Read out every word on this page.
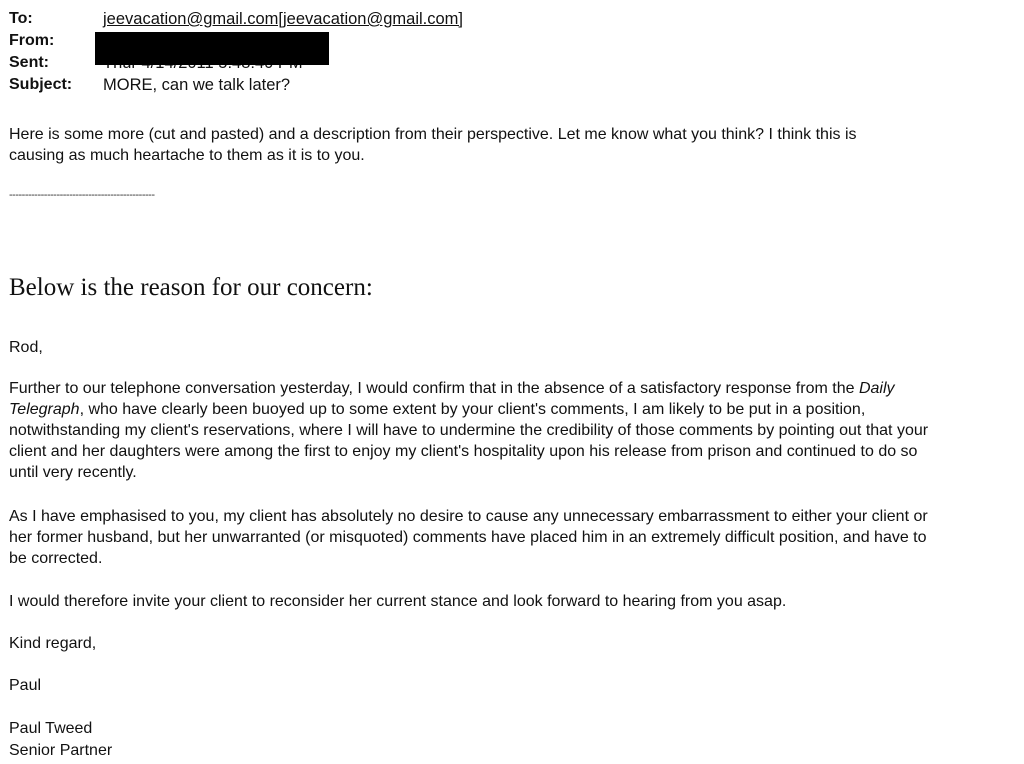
To:	jeevacation@gmail.com[jeevacation@gmail.com]
From:
Sent:
Subject:	MORE, can we talk later?

Here is some more (cut and pasted) and a description from their perspective. Let me know what you think? I think this is causing as much heartache to them as it is to you.

----------------------------------------------
Below is the reason for our concern:

Rod,

Further to our telephone conversation yesterday, I would confirm that in the absence of a satisfactory response from the Daily Telegraph, who have clearly been buoyed up to some extent by your client's comments, I am likely to be put in a position, notwithstanding my client's reservations, where I will have to undermine the credibility of those comments by pointing out that your client and her daughters were among the first to enjoy my client's hospitality upon his release from prison and continued to do so until very recently.

As I have emphasised to you, my client has absolutely no desire to cause any unnecessary embarrassment to either your client or her former husband, but her unwarranted (or misquoted) comments have placed him in an extremely difficult position, and have to be corrected.

I would therefore invite your client to reconsider her current stance and look forward to hearing from you asap.

Kind regard,

Paul

Paul Tweed

Senior Partner
